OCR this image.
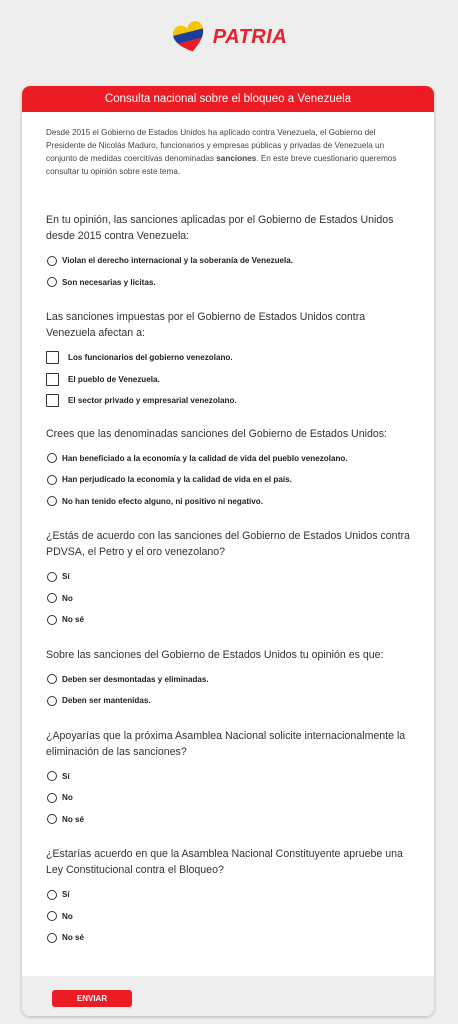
PATRIA
Consulta nacional sobre el bloqueo a Venezuela
Desde 2015 el Gobierno de Estados Unidos ha aplicado contra Venezuela, el Gobierno del Presidente de Nicolás Maduro, funcionarios y empresas públicas y privadas de Venezuela un conjunto de medidas coercitivas denominadas sanciones. En este breve cuestionario queremos consultar tu opinión sobre este tema.
En tu opinión, las sanciones aplicadas por el Gobierno de Estados Unidos desde 2015 contra Venezuela:
Violan el derecho internacional y la soberanía de Venezuela.
Son necesarias y lícitas.
Las sanciones impuestas por el Gobierno de Estados Unidos contra Venezuela afectan a:
Los funcionarios del gobierno venezolano.
El pueblo de Venezuela.
El sector privado y empresarial venezolano.
Crees que las denominadas sanciones del Gobierno de Estados Unidos:
Han beneficiado a la economía y la calidad de vida del pueblo venezolano.
Han perjudicado la economía y la calidad de vida en el país.
No han tenido efecto alguno, ni positivo ni negativo.
¿Estás de acuerdo con las sanciones del Gobierno de Estados Unidos contra PDVSA, el Petro y el oro venezolano?
Sí
No
No sé
Sobre las sanciones del Gobierno de Estados Unidos tu opinión es que:
Deben ser desmontadas y eliminadas.
Deben ser mantenidas.
¿Apoyarías que la próxima Asamblea Nacional solicite internacionalmente la eliminación de las sanciones?
Sí
No
No sé
¿Estarías acuerdo en que la Asamblea Nacional Constituyente apruebe una Ley Constitucional contra el Bloqueo?
Sí
No
No sé
ENVIAR
